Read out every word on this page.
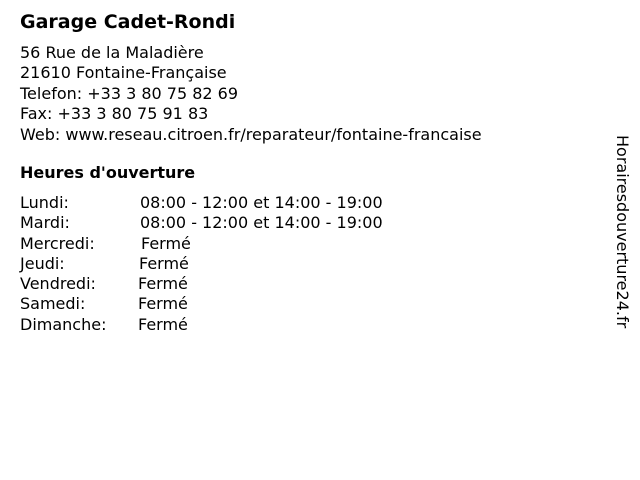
Garage Cadet-Rondi
56 Rue de la Maladière
21610 Fontaine-Française
Telefon: +33 3 80 75 82 69
Fax: +33 3 80 75 91 83
Web: www.reseau.citroen.fr/reparateur/fontaine-francaise
Heures d'ouverture
Lundi:	08:00 - 12:00 et 14:00 - 19:00
Mardi:	08:00 - 12:00 et 14:00 - 19:00
Mercredi:	Fermé
Jeudi:	Fermé
Vendredi:	Fermé
Samedi:	Fermé
Dimanche: Fermé	Horairesdouverture24.fr
